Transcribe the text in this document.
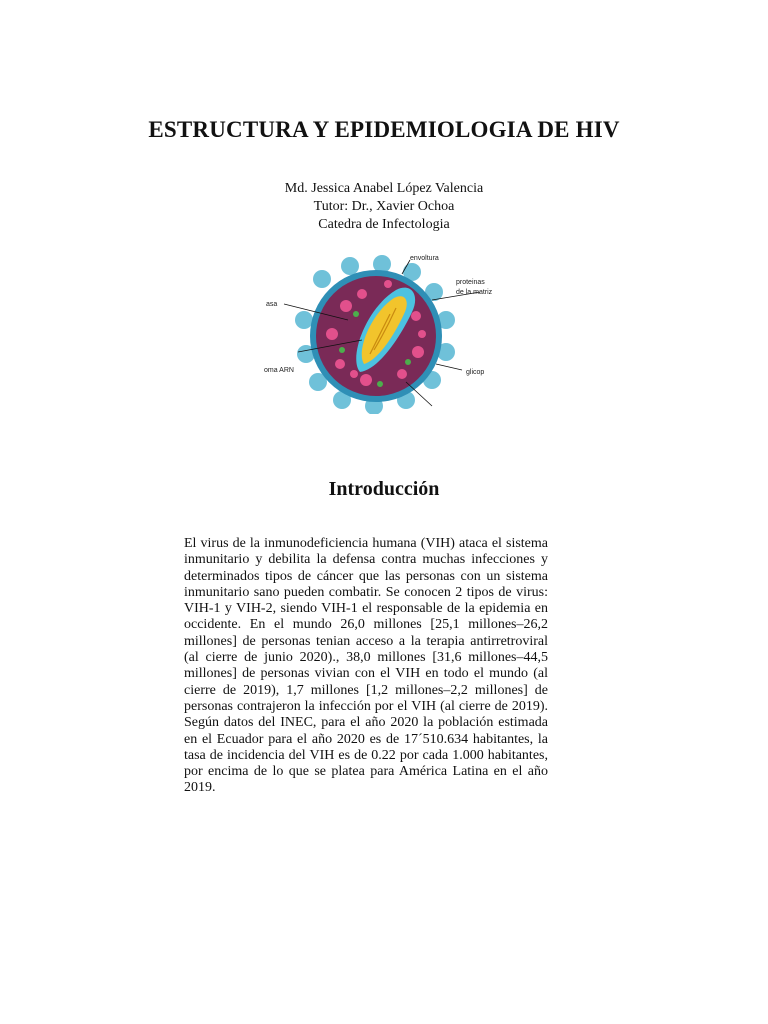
ESTRUCTURA Y EPIDEMIOLOGIA DE HIV
Md. Jessica Anabel López Valencia
Tutor: Dr., Xavier Ochoa
Catedra de Infectologia
asa
oma ARN
proteinas
de la matriz
glicop
envoltura
Introducción
El virus de la inmunodeficiencia humana (VIH) ataca el sistema inmunitario y debilita la defensa contra muchas infecciones y determinados tipos de cáncer que las personas con un sistema inmunitario sano pueden combatir. Se conocen 2 tipos de virus: VIH-1 y VIH-2, siendo VIH-1 el responsable de la epidemia en occidente. En el mundo 26,0 millones [25,1 millones–26,2 millones] de personas tenian acceso a la terapia antirretroviral (al cierre de junio 2020)., 38,0 millones [31,6 millones–44,5 millones] de personas vivian con el VIH en todo el mundo (al cierre de 2019), 1,7 millones [1,2 millones–2,2 millones] de personas contrajeron la infección por el VIH (al cierre de 2019). Según datos del INEC, para el año 2020 la población estimada en el Ecuador para el año 2020 es de 17´510.634 habitantes, la tasa de incidencia del VIH es de 0.22 por cada 1.000 habitantes, por encima de lo que se platea para América Latina en el año 2019.
